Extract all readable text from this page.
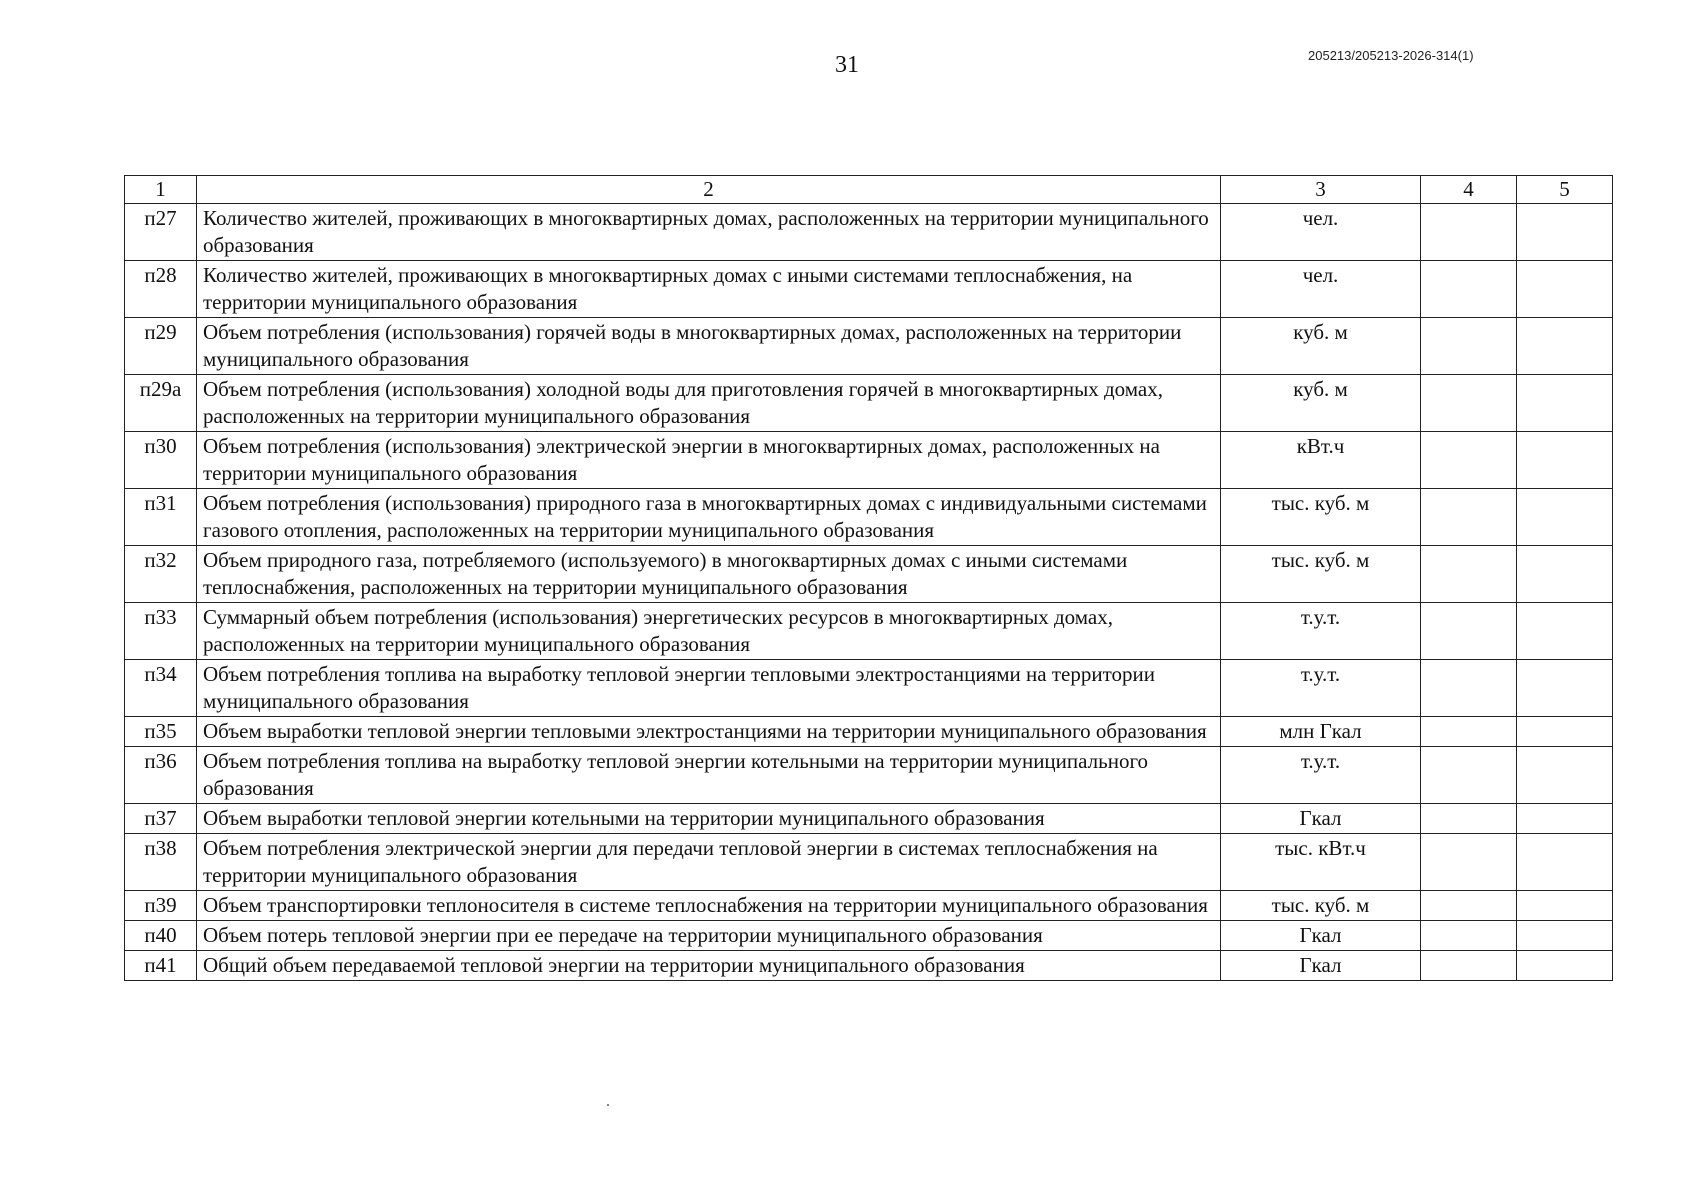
31	205213/205213-2026-314(1)
1	2	3	4	5
п27	Количество жителей, проживающих в многоквартирных домах, расположенных на территории муниципального образования	чел.		
п28	Количество жителей, проживающих в многоквартирных домах с иными системами теплоснабжения, на территории муниципального образования	чел.		
п29	Объем потребления (использования) горячей воды в многоквартирных домах, расположенных на территории муниципального образования	куб. м		
п29а	Объем потребления (использования) холодной воды для приготовления горячей в многоквартирных домах, расположенных на территории муниципального образования	куб. м		
п30	Объем потребления (использования) электрической энергии в многоквартирных домах, расположенных на территории муниципального образования	кВт.ч		
п31	Объем потребления (использования) природного газа в многоквартирных домах с индивидуальными системами газового отопления, расположенных на территории муниципального образования	тыс. куб. м		
п32	Объем природного газа, потребляемого (используемого) в многоквартирных домах с иными системами теплоснабжения, расположенных на территории муниципального образования	тыс. куб. м		
п33	Суммарный объем потребления (использования) энергетических ресурсов в многоквартирных домах, расположенных на территории муниципального образования	т.у.т.		
п34	Объем потребления топлива на выработку тепловой энергии тепловыми электростанциями на территории муниципального образования	т.у.т.		
п35	Объем выработки тепловой энергии тепловыми электростанциями на территории муниципального образования	млн Гкал		
п36	Объем потребления топлива на выработку тепловой энергии котельными на территории муниципального образования	т.у.т.		
п37	Объем выработки тепловой энергии котельными на территории муниципального образования	Гкал		
п38	Объем потребления электрической энергии для передачи тепловой энергии в системах теплоснабжения на территории муниципального образования	тыс. кВт.ч		
п39	Объем транспортировки теплоносителя в системе теплоснабжения на территории муниципального образования	тыс. куб. м		
п40	Объем потерь тепловой энергии при ее передаче на территории муниципального образования	Гкал		
п41	Общий объем передаваемой тепловой энергии на территории муниципального образования	Гкал		
